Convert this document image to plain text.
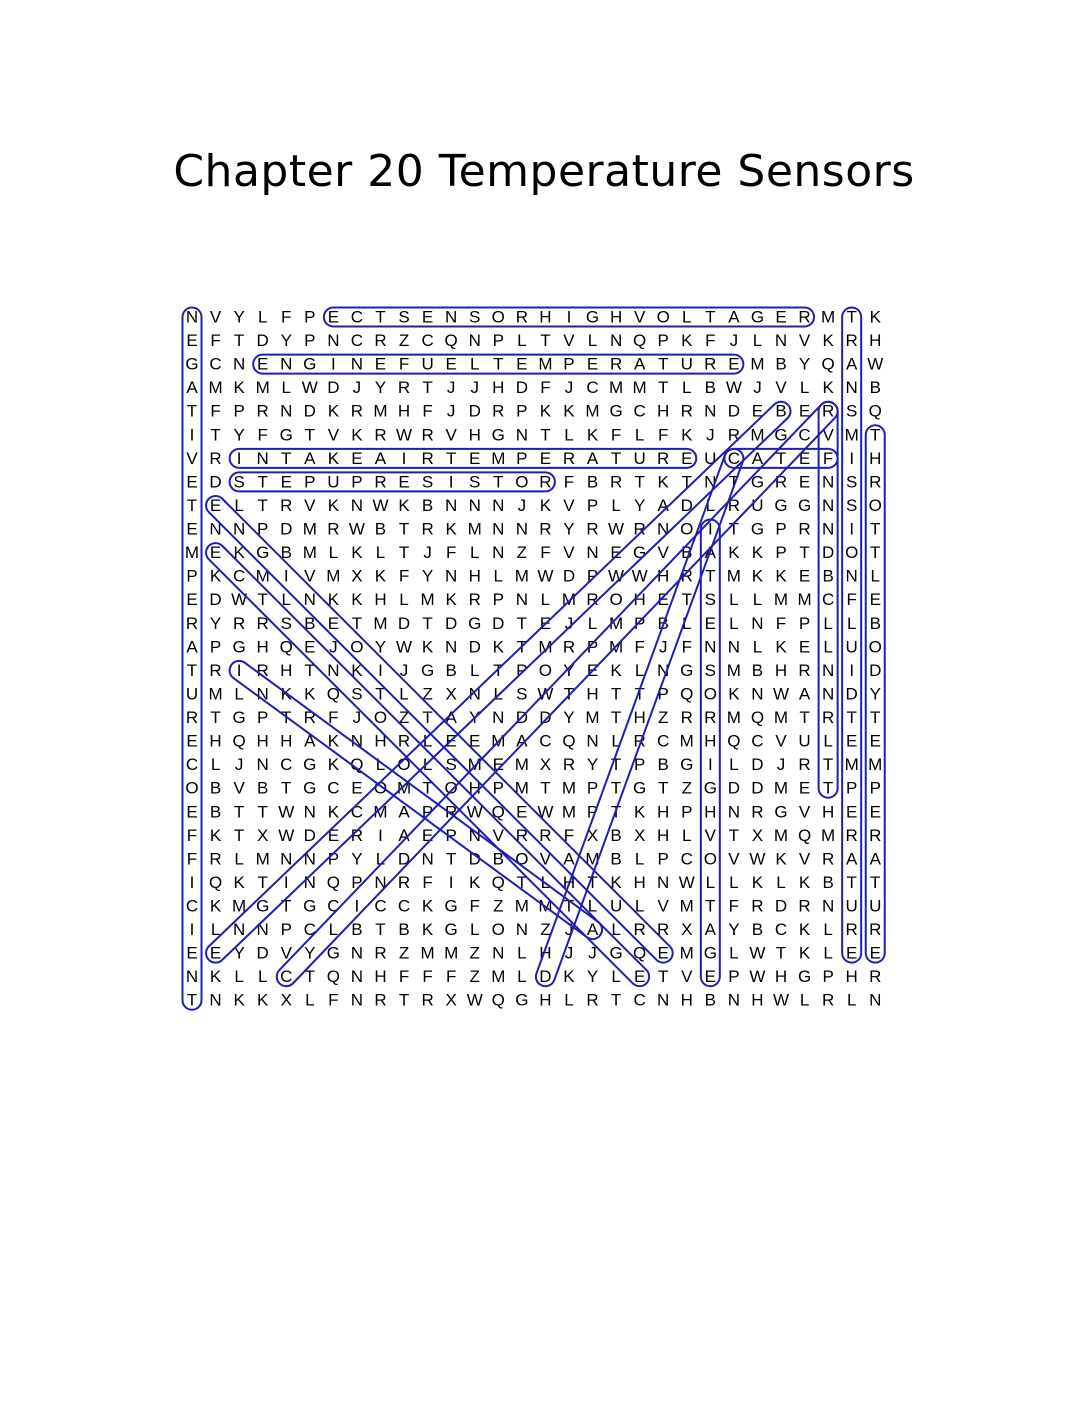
Chapter 20 Temperature Sensors
N V Y L F P E C T S E N S O R H I G H V O L T A G E R M T K
E F T D Y P N C R Z C Q N P L T V L N Q P K F J L N V K R H
G C N E N G I N E F U E L T E M P E R A T U R E M B Y Q A W
A M K M L W D J Y R T J J H D F J C M M T L B W J V L K N B
T F P R N D K R M H F J D R P K K M G C H R N D E B E R S Q
I T Y F G T V K R W R V H G N T L K F L F K J R M G C V M T
V R I N T A K E A I R T E M P E R A T U R E U C A T E F I H
E D S T E P U P R E S I S T O R F B R T K T N T G R E N S R
T E L T R V K N W K B N N N J K V P L Y A D L R U G G N S O
E N N P D M R W B T R K M N N R Y R W R N O I T G P R N I T
M E K G B M L K L T J F L N Z F V N E G V B A K K P T D O T
P K C M I V M X K F Y N H L M W D P W W H R T M K K E B N L
E D W T L N K K H L M K R P N L M R O H E T S L L M M C F E
R Y R R S B E T M D T D G D T E J L M P B L E L N F P L L B
A P G H Q E J O Y W K N D K T M R P M F J F N N L K E L U O
T R I R H T N K I J G B L T P O Y E K L N G S M B H R N I D
U M L N K K Q S T L Z X N L S W T H T T P Q O K N W A N D Y
R T G P T R F J O Z T A Y N D D Y M T H Z R R M Q M T R T T
E H Q H H A K N H R L E E M A C Q N L R C M H Q C V U L E E
C L J N C G K Q L O L S M E M X R Y T P B G I L D J R T M M
O B V B T G C E O M T O H P M T M P T G T Z G D D M E T P P
E B T T W N K C M A P R W Q E W M P T K H P H N R G V H E E
F K T X W D E R I A E P N V R R F X B X H L V T X M Q M R R
F R L M N N P Y L D N T D B O V A M B L P C O V W K V R A A
I Q K T I N Q P N R F I K Q T L H T K H N W L L K L K B T T
C K M G T G C I C C K G F Z M M T L U L V M T F R D R N U U
I L N N P C L B T B K G L O N Z J A L R R X A Y B C K L R R
E E Y D V Y G N R Z M M Z N L H J J G Q E M G L W T K L E E
N K L L C T Q N H F F F Z M L D K Y L E T V E P W H G P H R
T N K K X L F N R T R X W Q G H L R T C N H B N H W L R L N
